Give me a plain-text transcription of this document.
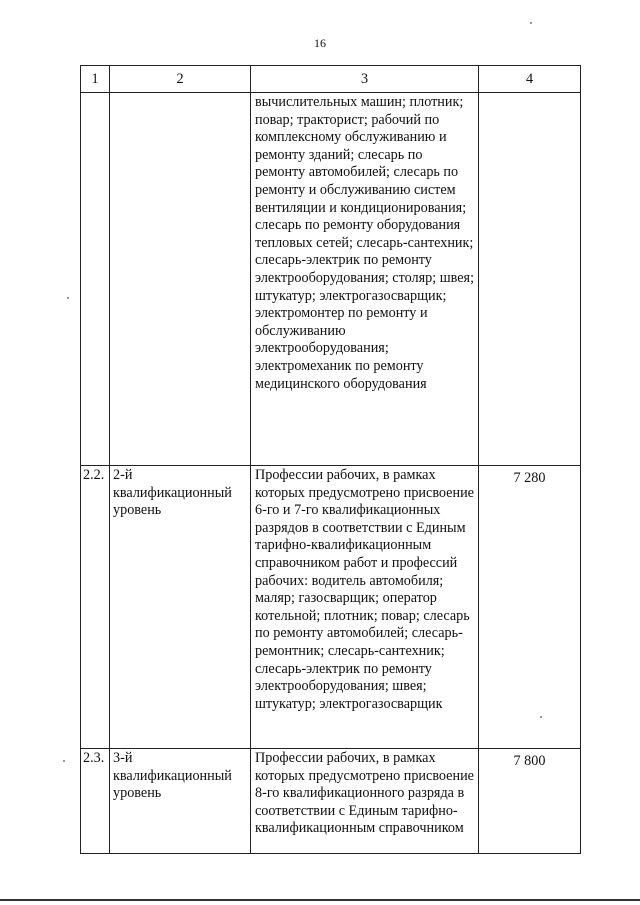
16
1	2	3	4
		вычислительных машин; плотник; повар; тракторист; рабочий по комплексному обслуживанию и ремонту зданий; слесарь по ремонту автомобилей; слесарь по ремонту и обслуживанию систем вентиляции и кондиционирования; слесарь по ремонту оборудования тепловых сетей; слесарь-сантехник; слесарь-электрик по ремонту электрооборудования; столяр; швея; штукатур; электрогазосварщик; электромонтер по ремонту и обслуживанию электрооборудования; электромеханик по ремонту медицинского оборудования	
2.2.	2-й квалификационный уровень	Профессии рабочих, в рамках которых предусмотрено присвоение 6-го и 7-го квалификационных разрядов в соответствии с Единым тарифно-квалификационным справочником работ и профессий рабочих: водитель автомобиля; маляр; газосварщик; оператор котельной; плотник; повар; слесарь по ремонту автомобилей; слесарь-ремонтник; слесарь-сантехник; слесарь-электрик по ремонту электрооборудования; швея; штукатур; электрогазосварщик	7 280
2.3.	3-й квалификационный уровень	Профессии рабочих, в рамках которых предусмотрено присвоение 8-го квалификационного разряда в соответствии с Единым тарифно-квалификационным справочником	7 800
